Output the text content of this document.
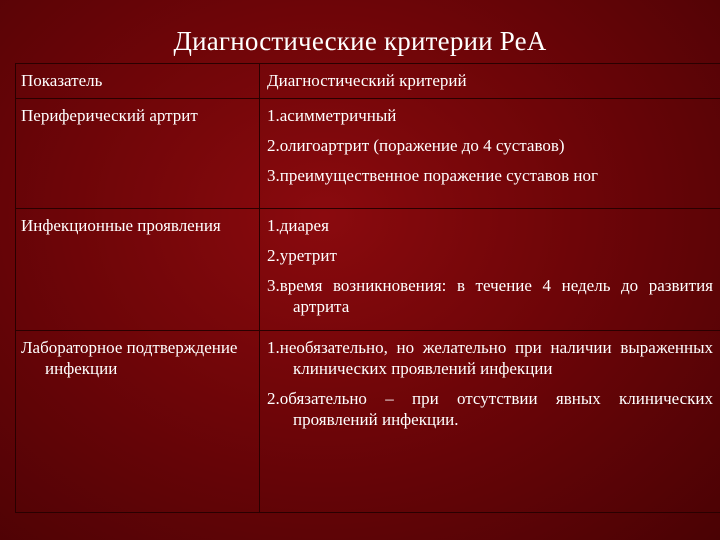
Диагностические критерии РеА
Показатель	Диагностический критерий

Периферический артрит	1.асимметричный
2.олигоартрит (поражение до 4 суставов)
3.преимущественное поражение суставов ног

Инфекционные проявления	1.диарея
2.уретрит
3.время возникновения: в течение 4 недель до развития артрита

Лабораторное подтверждение инфекции	1.необязательно, но желательно при наличии выраженных клинических проявлений инфекции
2.обязательно – при отсутствии явных клинических проявлений инфекции.
